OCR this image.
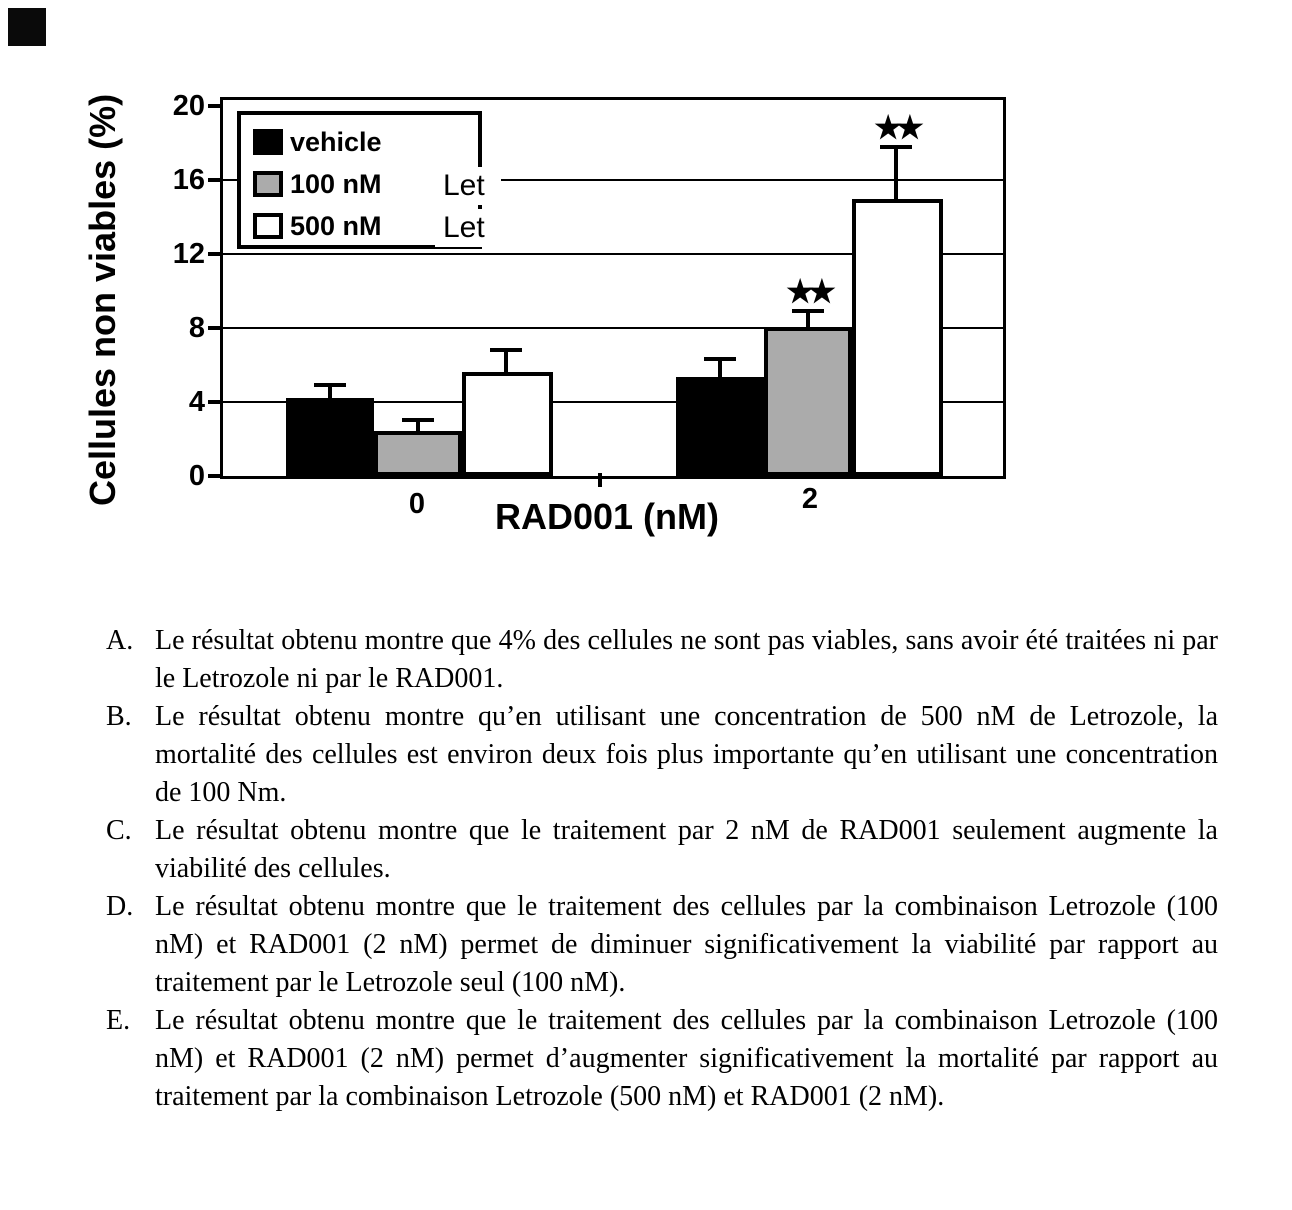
Cellules non viables (%)	vehicle
100 nM Let
500 nM Let
0
4
8
12
16
20
★★
★★
0	2
RAD001 (nM)
A. Le résultat obtenu montre que 4% des cellules ne sont pas viables, sans avoir été traitées ni par le Letrozole ni par le RAD001.
B. Le résultat obtenu montre qu’en utilisant une concentration de 500 nM de Letrozole, la mortalité des cellules est environ deux fois plus importante qu’en utilisant une concentration de 100 Nm.
C. Le résultat obtenu montre que le traitement par 2 nM de RAD001 seulement augmente la viabilité des cellules.
D. Le résultat obtenu montre que le traitement des cellules par la combinaison Letrozole (100 nM) et RAD001 (2 nM) permet de diminuer significativement la viabilité par rapport au traitement par le Letrozole seul (100 nM).
E. Le résultat obtenu montre que le traitement des cellules par la combinaison Letrozole (100 nM) et RAD001 (2 nM) permet d’augmenter significativement la mortalité par rapport au traitement par la combinaison Letrozole (500 nM) et RAD001 (2 nM).
